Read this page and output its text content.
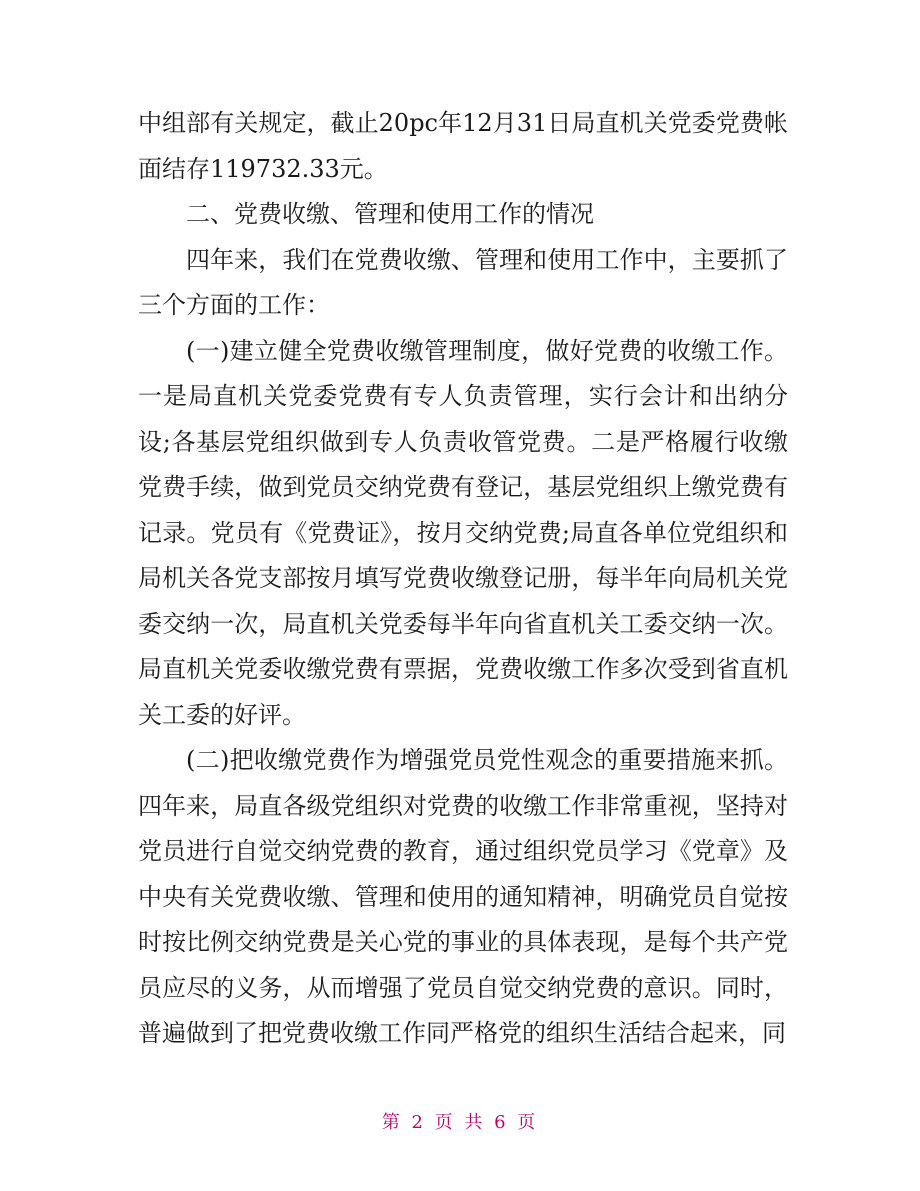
中组部有关规定，截止20pc年12月31日局直机关党委党费帐面结存119732.33元。

二、党费收缴、管理和使用工作的情况

四年来，我们在党费收缴、管理和使用工作中，主要抓了三个方面的工作：

(一)建立健全党费收缴管理制度，做好党费的收缴工作。一是局直机关党委党费有专人负责管理，实行会计和出纳分设;各基层党组织做到专人负责收管党费。二是严格履行收缴党费手续，做到党员交纳党费有登记，基层党组织上缴党费有记录。党员有《党费证》，按月交纳党费;局直各单位党组织和局机关各党支部按月填写党费收缴登记册，每半年向局机关党委交纳一次，局直机关党委每半年向省直机关工委交纳一次。局直机关党委收缴党费有票据，党费收缴工作多次受到省直机关工委的好评。

(二)把收缴党费作为增强党员党性观念的重要措施来抓。四年来，局直各级党组织对党费的收缴工作非常重视，坚持对党员进行自觉交纳党费的教育，通过组织党员学习《党章》及中央有关党费收缴、管理和使用的通知精神，明确党员自觉按时按比例交纳党费是关心党的事业的具体表现，是每个共产党员应尽的义务，从而增强了党员自觉交纳党费的意识。同时，普遍做到了把党费收缴工作同严格党的组织生活结合起来，同

第 2 页 共 6 页
